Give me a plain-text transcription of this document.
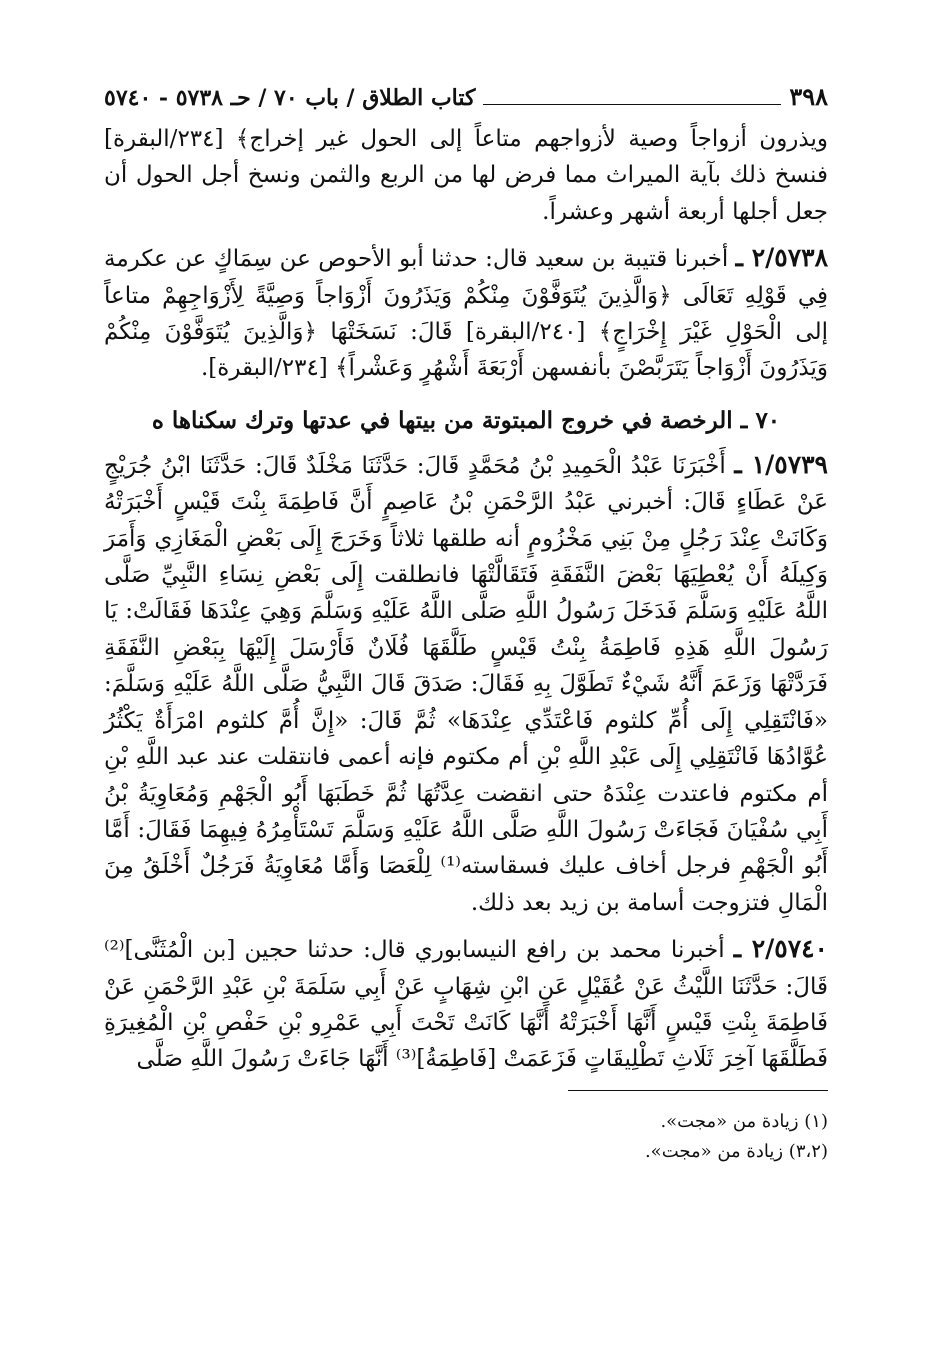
٣٩٨
كتاب الطلاق / باب ٧٠ / حـ ٥٧٣٨ - ٥٧٤٠

ويذرون أزواجاً وصية لأزواجهم متاعاً إلى الحول غير إخراج﴾ [٢٣٤/البقرة] فنسخ ذلك بآية الميراث مما فرض لها من الربع والثمن ونسخ أجل الحول أن جعل أجلها أربعة أشهر وعشراً.

٢/٥٧٣٨ ـ أخبرنا قتيبة بن سعيد قال: حدثنا أبو الأحوص عن سِمَاكٍ عن عكرمة فِي قَوْلِهِ تَعَالَى ﴿وَالَّذِينَ يُتَوَفَّوْنَ مِنْكُمْ وَيَذَرُونَ أَزْوَاجاً وَصِيَّةً لِأَزْوَاجِهِمْ متاعاً إلى الْحَوْلِ غَيْرَ إِخْرَاجٍ﴾ [٢٤٠/البقرة] قَالَ: نَسَخَتْهَا ﴿وَالَّذِينَ يُتَوَفَّوْنَ مِنْكُمْ وَيَذَرُونَ أَزْوَاجاً يَتَرَبَّصْنَ بأنفسهن أَرْبَعَةَ أَشْهُرٍ وَعَشْراً﴾ [٢٣٤/البقرة].

٧٠ ـ الرخصة في خروج المبتوتة من بيتها في عدتها وترك سكناها ه

١/٥٧٣٩ ـ أَخْبَرَنَا عَبْدُ الْحَمِيدِ بْنُ مُحَمَّدٍ قَالَ: حَدَّثَنَا مَخْلَدٌ قَالَ: حَدَّثَنَا ابْنُ جُرَيْجٍ عَنْ عَطَاءٍ قَالَ: أخبرني عَبْدُ الرَّحْمَنِ بْنُ عَاصِمٍ أَنَّ فَاطِمَةَ بِنْتَ قَيْسٍ أَخْبَرَتْهُ وَكَانَتْ عِنْدَ رَجُلٍ مِنْ بَنِي مَخْزُومٍ أنه طلقها ثلاثاً وَخَرَجَ إِلَى بَعْضِ الْمَغَازِي وَأَمَرَ وَكِيلَهُ أَنْ يُعْطِيَهَا بَعْضَ النَّفَقَةِ فَتَقَالَّتْهَا فانطلقت إِلَى بَعْضِ نِسَاءِ النَّبِيِّ صَلَّى اللَّهُ عَلَيْهِ وَسَلَّمَ فَدَخَلَ رَسُولُ اللَّهِ صَلَّى اللَّهُ عَلَيْهِ وَسَلَّمَ وَهِيَ عِنْدَهَا فَقَالَتْ: يَا رَسُولَ اللَّهِ هَذِهِ فَاطِمَةُ بِنْتُ قَيْسٍ طَلَّقَهَا فُلَانٌ فَأَرْسَلَ إِلَيْهَا بِبَعْضِ النَّفَقَةِ فَرَدَّتْهَا وَزَعَمَ أَنَّهُ شَيْءٌ تَطَوَّلَ بِهِ فَقَالَ: صَدَقَ قَالَ النَّبِيُّ صَلَّى اللَّهُ عَلَيْهِ وَسَلَّمَ: «فَانْتَقِلِي إِلَى أُمِّ كلثوم فَاعْتَدِّي عِنْدَهَا» ثُمَّ قَالَ: «إِنَّ أُمَّ كلثوم امْرَأَةٌ يَكْثُرُ عُوَّادُهَا فَانْتَقِلِي إِلَى عَبْدِ اللَّهِ بْنِ أم مكتوم فإنه أعمى فانتقلت عند عبد اللَّهِ بْنِ أم مكتوم فاعتدت عِنْدَهُ حتى انقضت عِدَّتُهَا ثُمَّ خَطَبَهَا أَبُو الْجَهْمِ وَمُعَاوِيَةُ بْنُ أَبِي سُفْيَانَ فَجَاءَتْ رَسُولَ اللَّهِ صَلَّى اللَّهُ عَلَيْهِ وَسَلَّمَ تَسْتَأْمِرُهُ فِيهِمَا فَقَالَ: أَمَّا أَبُو الْجَهْمِ فرجل أخاف عليك فسقاسته⁽¹⁾ لِلْعَصَا وَأَمَّا مُعَاوِيَةُ فَرَجُلٌ أَخْلَقُ مِنَ الْمَالِ فتزوجت أسامة بن زيد بعد ذلك.

٢/٥٧٤٠ ـ أخبرنا محمد بن رافع النيسابوري قال: حدثنا حجين [بن الْمُثَنَّى]⁽²⁾ قَالَ: حَدَّثَنَا اللَّيْثُ عَنْ عُقَيْلٍ عَنِ ابْنِ شِهَابٍ عَنْ أَبِي سَلَمَةَ بْنِ عَبْدِ الرَّحْمَنِ عَنْ فَاطِمَةَ بِنْتِ قَيْسٍ أَنَّهَا أَخْبَرَتْهُ أَنَّهَا كَانَتْ تَحْتَ أَبِي عَمْرِو بْنِ حَفْصِ بْنِ الْمُغِيرَةِ فَطَلَّقَهَا آخِرَ ثَلَاثِ تَطْلِيقَاتٍ فَزَعَمَتْ [فَاطِمَةُ]⁽³⁾ أَنَّهَا جَاءَتْ رَسُولَ اللَّهِ صَلَّى

(١) زيادة من «مجت».
(٣،٢) زيادة من «مجت».
